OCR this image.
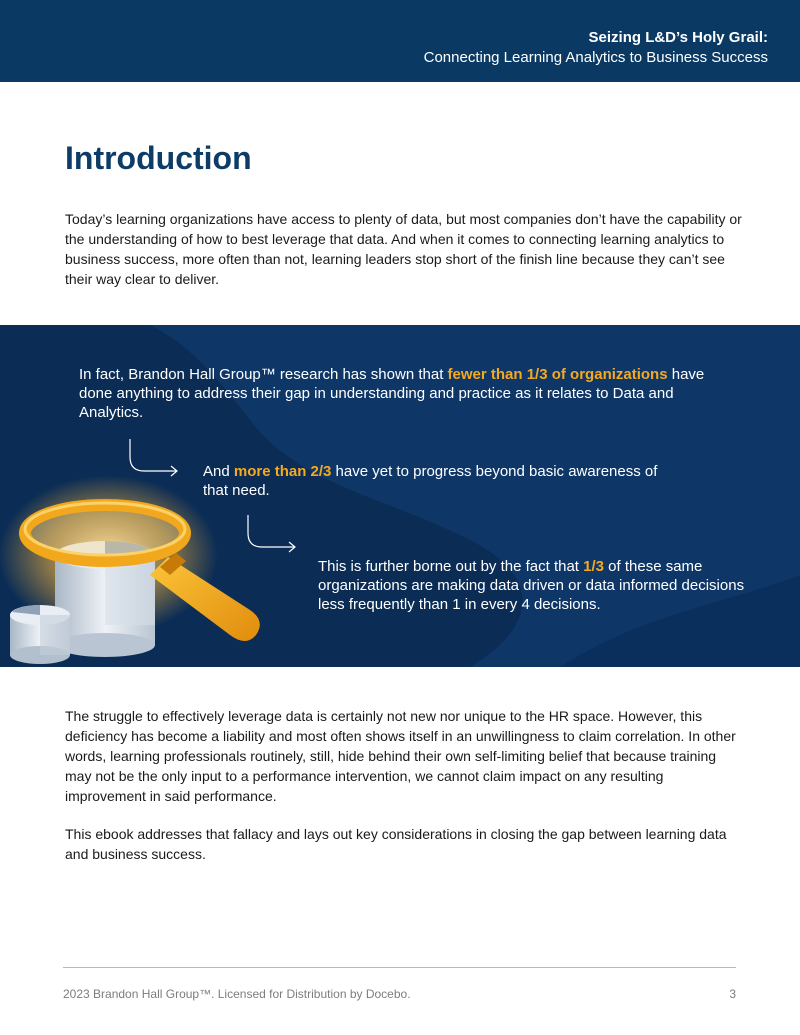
Seizing L&D’s Holy Grail:
Connecting Learning Analytics to Business Success
Introduction

Today’s learning organizations have access to plenty of data, but most companies don’t have the capability or the understanding of how to best leverage that data. And when it comes to connecting learning analytics to business success, more often than not, learning leaders stop short of the finish line because they can’t see their way clear to deliver.

In fact, Brandon Hall Group™ research has shown that fewer than 1/3 of organizations have done anything to address their gap in understanding and practice as it relates to Data and Analytics.

And more than 2/3 have yet to progress beyond basic awareness of that need.

This is further borne out by the fact that 1/3 of these same organizations are making data driven or data informed decisions less frequently than 1 in every 4 decisions.

The struggle to effectively leverage data is certainly not new nor unique to the HR space. However, this deficiency has become a liability and most often shows itself in an unwillingness to claim correlation. In other words, learning professionals routinely, still, hide behind their own self-limiting belief that because training may not be the only input to a performance intervention, we cannot claim impact on any resulting improvement in said performance.

This ebook addresses that fallacy and lays out key considerations in closing the gap between learning data and business success.

2023 Brandon Hall Group™. Licensed for Distribution by Docebo.	3
